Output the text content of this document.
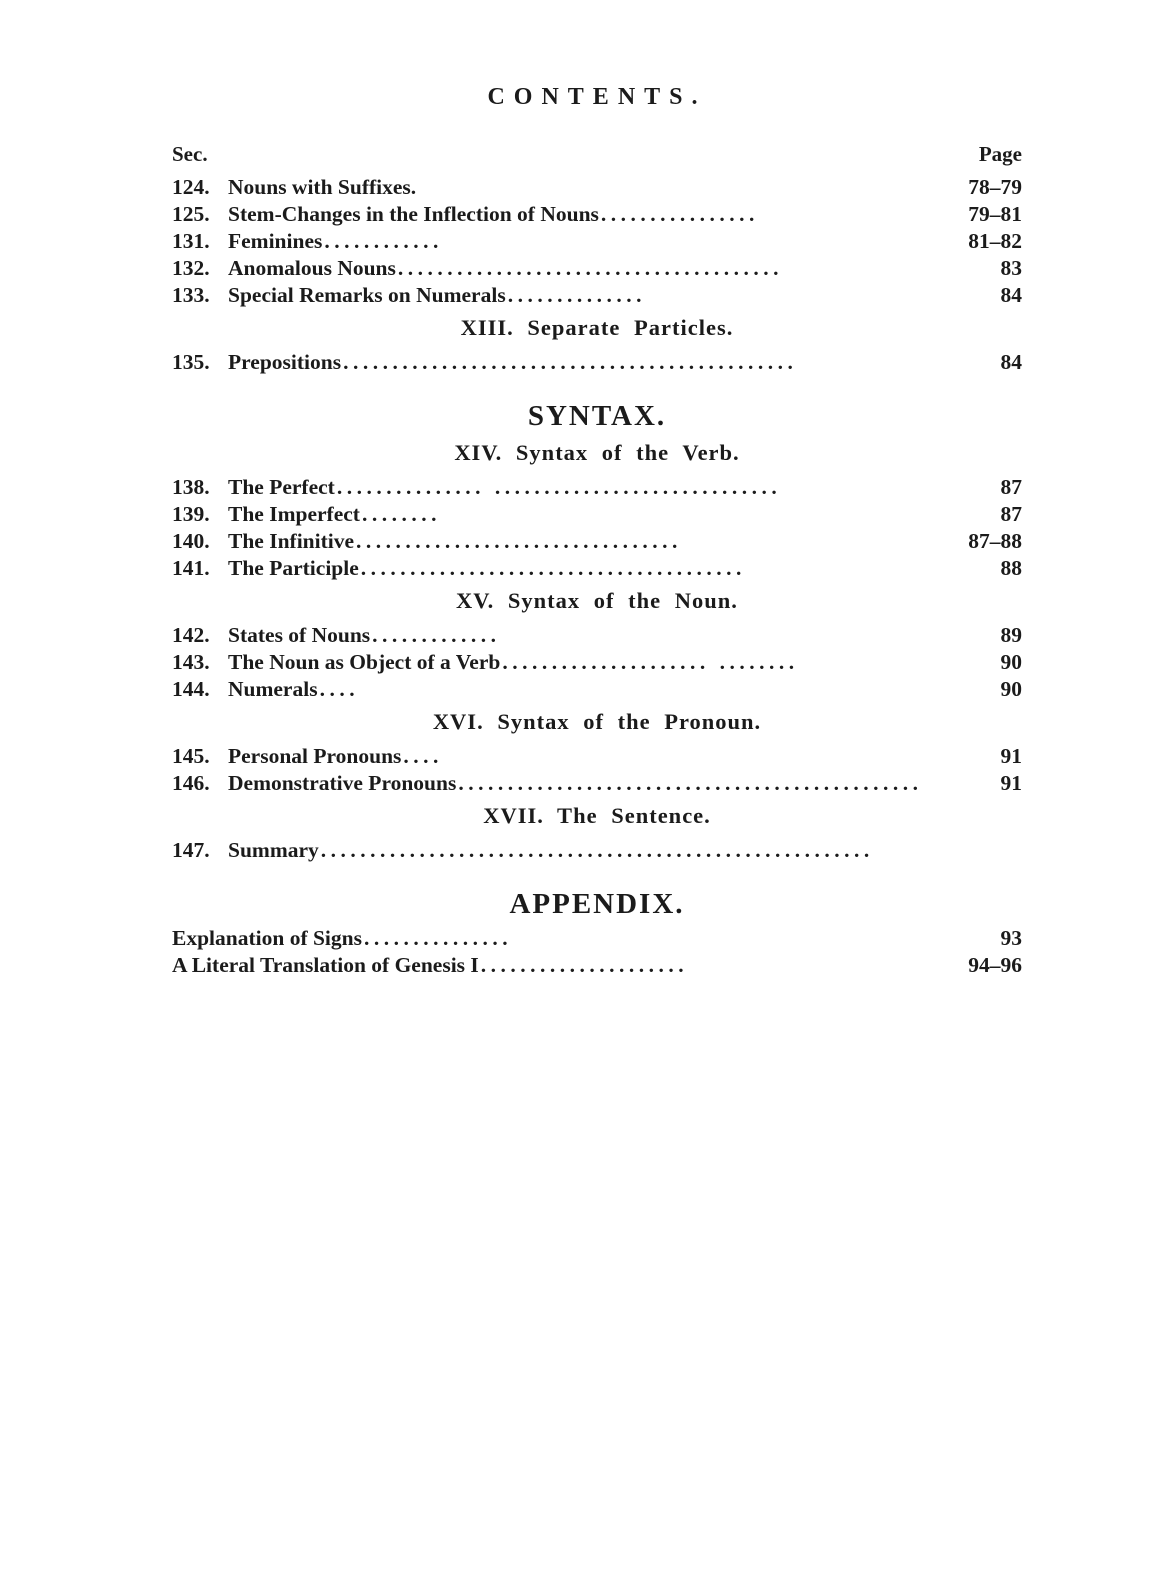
CONTENTS.
Sec.	Page
124. Nouns with Suffixes.	78–79
125. Stem-Changes in the Inflection of Nouns ................	79–81
131. Feminines ............	81–82
132. Anomalous Nouns .......................................	83
133. Special Remarks on Numerals ..............	84
XIII. Separate Particles.
135. Prepositions ..............................................	84
SYNTAX.
XIV. Syntax of the Verb.
138. The Perfect ............... .............................	87
139. The Imperfect ........	87
140. The Infinitive .................................	87–88
141. The Participle .......................................	88
XV. Syntax of the Noun.
142. States of Nouns .............	89
143. The Noun as Object of a Verb ..................... ........	90
144. Numerals ....	90
XVI. Syntax of the Pronoun.
145. Personal Pronouns ....	91
146. Demonstrative Pronouns ...............................................	91
XVII. The Sentence.
147. Summary ........................................................
APPENDIX.
Explanation of Signs ...............	93
A Literal Translation of Genesis I .....................	94–96
